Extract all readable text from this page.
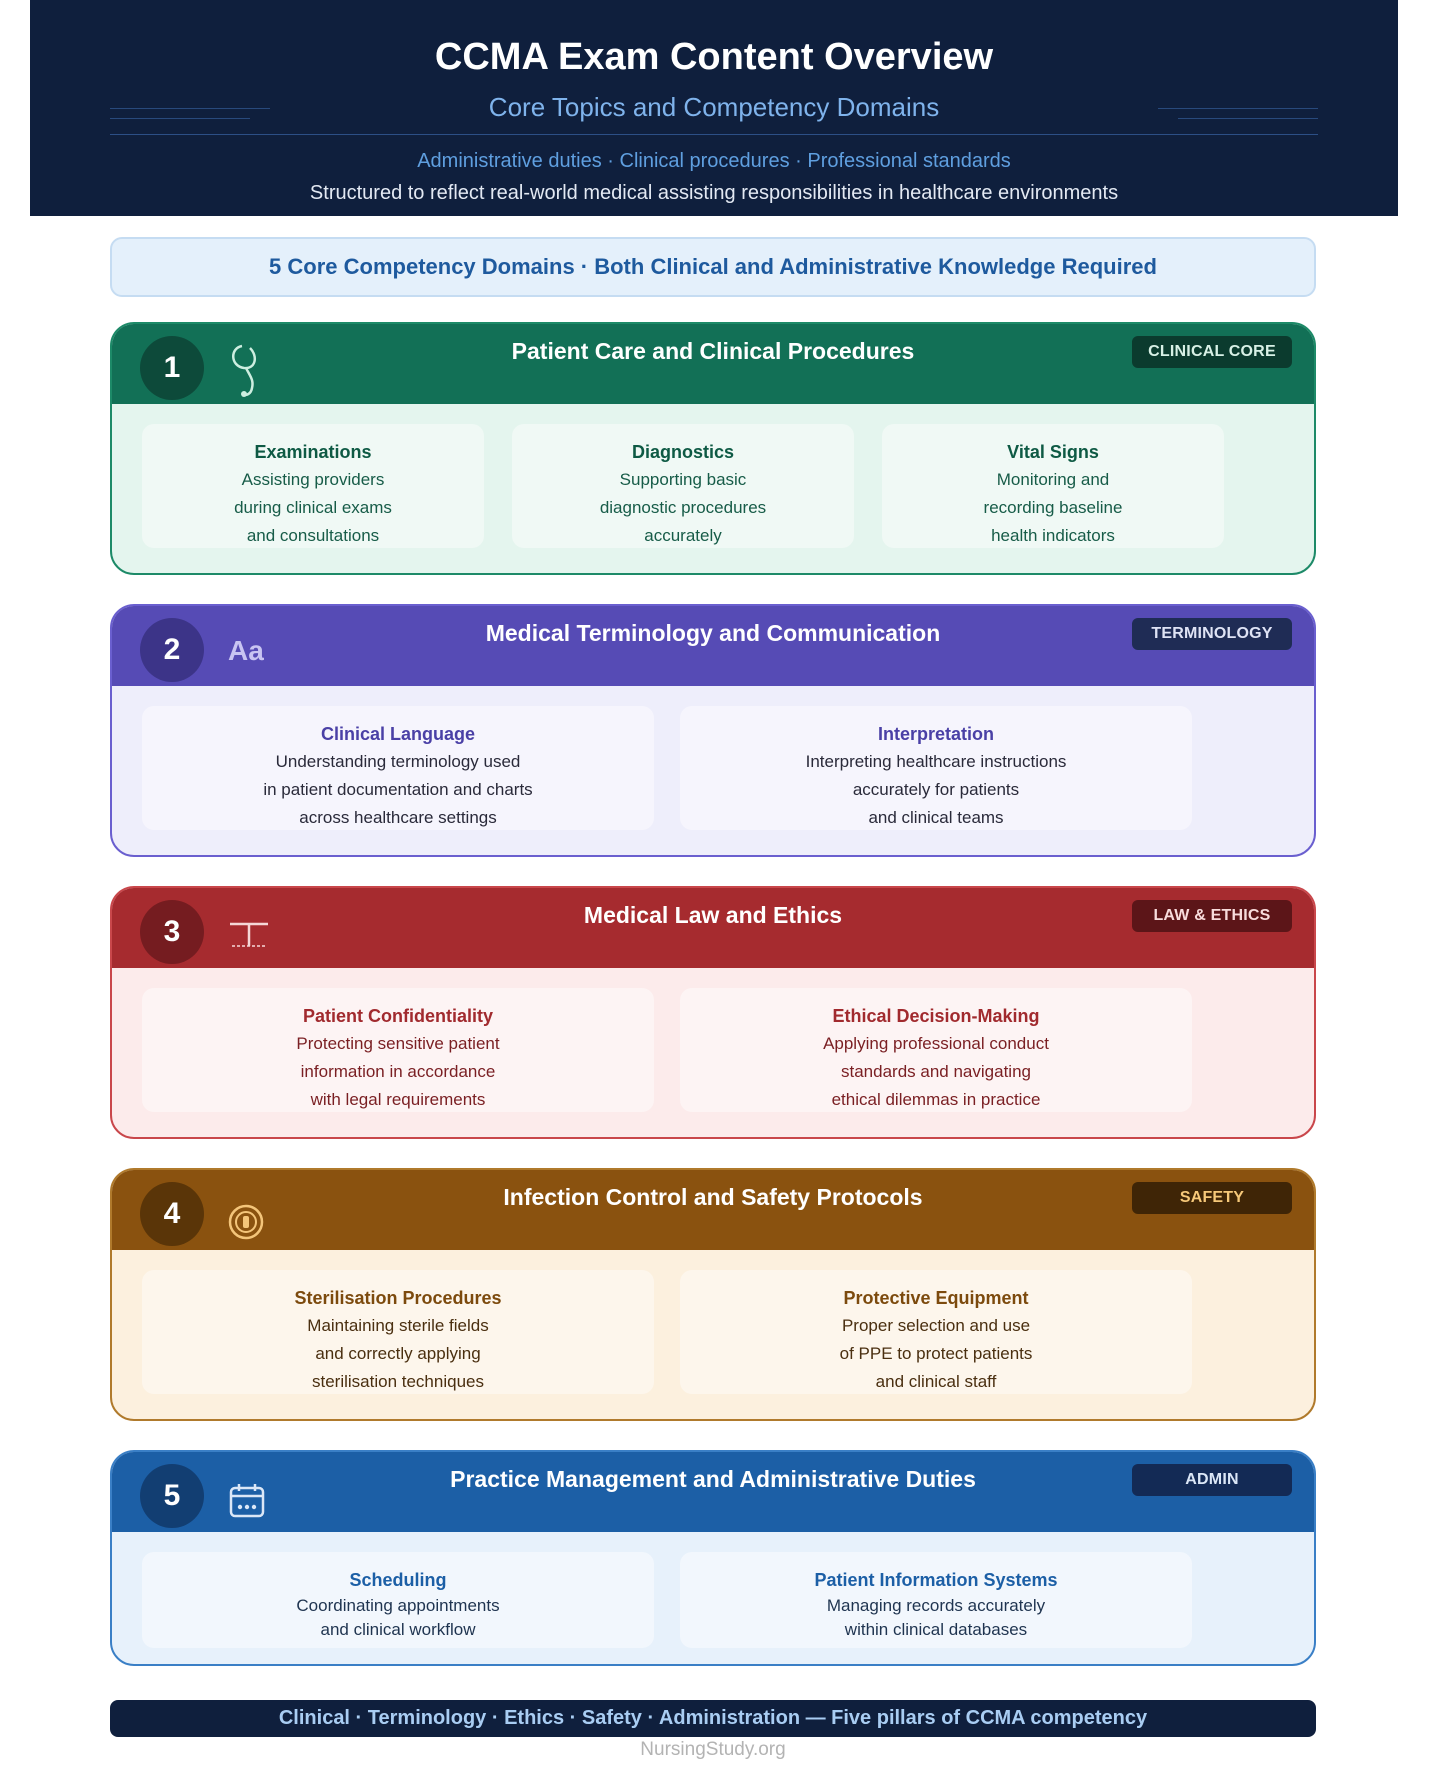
CCMA Exam Content Overview
Core Topics and Competency Domains
Administrative duties · Clinical procedures · Professional standards
Structured to reflect real-world medical assisting responsibilities in healthcare environments
5 Core Competency Domains · Both Clinical and Administrative Knowledge Required
1	Patient Care and Clinical Procedures	CLINICAL CORE
Examinations
Assisting providers
during clinical exams
and consultations
Diagnostics
Supporting basic
diagnostic procedures
accurately
Vital Signs
Monitoring and
recording baseline
health indicators
2	Aa
Medical Terminology and Communication	TERMINOLOGY
Clinical Language
Understanding terminology used
in patient documentation and charts
across healthcare settings
Interpretation
Interpreting healthcare instructions
accurately for patients
and clinical teams
3	Medical Law and Ethics	LAW & ETHICS
Patient Confidentiality
Protecting sensitive patient
information in accordance
with legal requirements
Ethical Decision-Making
Applying professional conduct
standards and navigating
ethical dilemmas in practice
4	Infection Control and Safety Protocols	SAFETY
Sterilisation Procedures
Maintaining sterile fields
and correctly applying
sterilisation techniques
Protective Equipment
Proper selection and use
of PPE to protect patients
and clinical staff
5	Practice Management and Administrative Duties	ADMIN
Scheduling
Coordinating appointments
and clinical workflow
Patient Information Systems
Managing records accurately
within clinical databases
Clinical · Terminology · Ethics · Safety · Administration — Five pillars of CCMA competency
NursingStudy.org
